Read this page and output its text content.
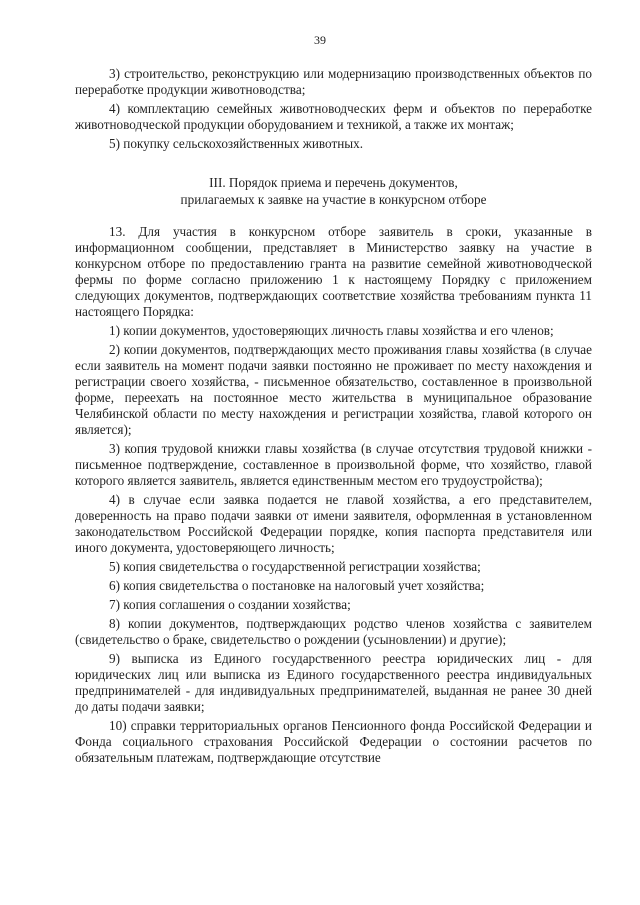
39

3) строительство, реконструкцию или модернизацию производственных объектов по переработке продукции животноводства;

4) комплектацию семейных животноводческих ферм и объектов по переработке животноводческой продукции оборудованием и техникой, а также их монтаж;

5) покупку сельскохозяйственных животных.

III. Порядок приема и перечень документов,
прилагаемых к заявке на участие в конкурсном отборе

13. Для участия в конкурсном отборе заявитель в сроки, указанные в информационном сообщении, представляет в Министерство заявку на участие в конкурсном отборе по предоставлению гранта на развитие семейной животноводческой фермы по форме согласно приложению 1 к настоящему Порядку с приложением следующих документов, подтверждающих соответствие хозяйства требованиям пункта 11 настоящего Порядка:

1) копии документов, удостоверяющих личность главы хозяйства и его членов;

2) копии документов, подтверждающих место проживания главы хозяйства (в случае если заявитель на момент подачи заявки постоянно не проживает по месту нахождения и регистрации своего хозяйства, - письменное обязательство, составленное в произвольной форме, переехать на постоянное место жительства в муниципальное образование Челябинской области по месту нахождения и регистрации хозяйства, главой которого он является);

3) копия трудовой книжки главы хозяйства (в случае отсутствия трудовой книжки - письменное подтверждение, составленное в произвольной форме, что хозяйство, главой которого является заявитель, является единственным местом его трудоустройства);

4) в случае если заявка подается не главой хозяйства, а его представителем, доверенность на право подачи заявки от имени заявителя, оформленная в установленном законодательством Российской Федерации порядке, копия паспорта представителя или иного документа, удостоверяющего личность;

5) копия свидетельства о государственной регистрации хозяйства;

6) копия свидетельства о постановке на налоговый учет хозяйства;

7) копия соглашения о создании хозяйства;

8) копии документов, подтверждающих родство членов хозяйства с заявителем (свидетельство о браке, свидетельство о рождении (усыновлении) и другие);

9) выписка из Единого государственного реестра юридических лиц - для юридических лиц или выписка из Единого государственного реестра индивидуальных предпринимателей - для индивидуальных предпринимателей, выданная не ранее 30 дней до даты подачи заявки;

10) справки территориальных органов Пенсионного фонда Российской Федерации и Фонда социального страхования Российской Федерации о состоянии расчетов по обязательным платежам, подтверждающие отсутствие
